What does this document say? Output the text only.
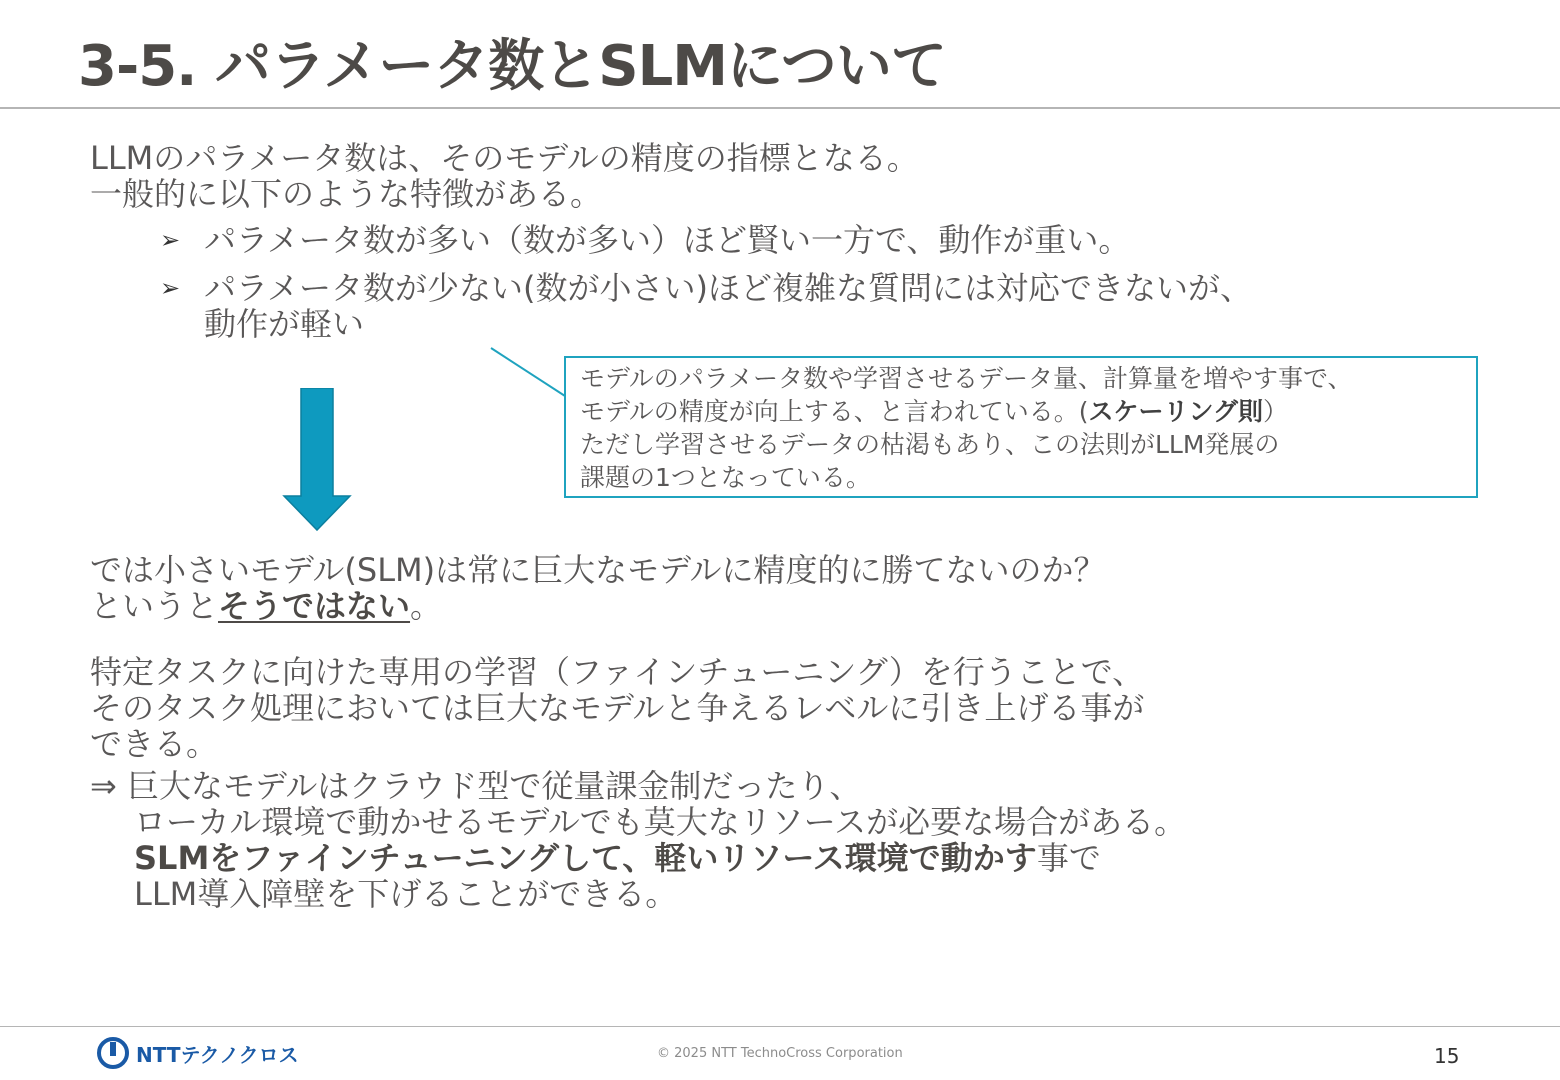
3-5. パラメータ数とSLMについて
LLMのパラメータ数は、そのモデルの精度の指標となる。
一般的に以下のような特徴がある。
➢ パラメータ数が多い（数が多い）ほど賢い一方で、動作が重い。
➢ パラメータ数が少ない(数が小さい)ほど複雑な質問には対応できないが、
動作が軽い
モデルのパラメータ数や学習させるデータ量、計算量を増やす事で、
モデルの精度が向上する、と言われている。(スケーリング則）
ただし学習させるデータの枯渇もあり、この法則がLLM発展の
課題の1つとなっている。
では小さいモデル(SLM)は常に巨大なモデルに精度的に勝てないのか？
というとそうではない。
特定タスクに向けた専用の学習（ファインチューニング）を行うことで、
そのタスク処理においては巨大なモデルと争えるレベルに引き上げる事が
できる。
⇒ 巨大なモデルはクラウド型で従量課金制だったり、
ローカル環境で動かせるモデルでも莫大なリソースが必要な場合がある。
SLMをファインチューニングして、軽いリソース環境で動かす事で
LLM導入障壁を下げることができる。
NTTテクノクロス	© 2025 NTT TechnoCross Corporation	15
